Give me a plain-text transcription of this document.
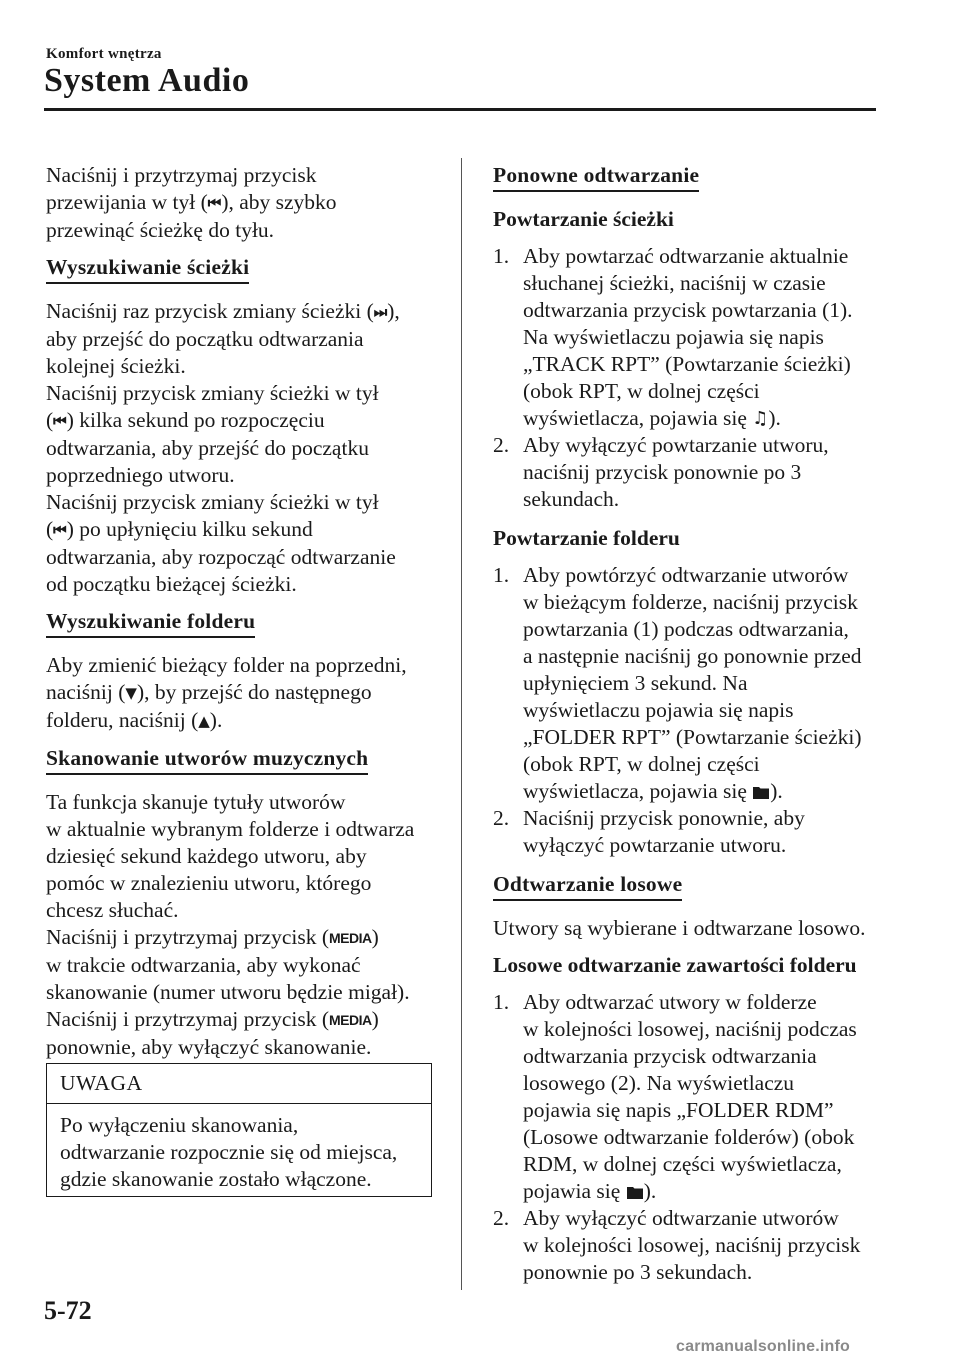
Komfort wnętrza
System Audio

Naciśnij i przytrzymaj przycisk
przewijania w tył (⏮ ), aby szybko
przewinąć ścieżkę do tyłu.

Wyszukiwanie ścieżki

Naciśnij raz przycisk zmiany ścieżki (⏭ ),
aby przejść do początku odtwarzania
kolejnej ścieżki.

Naciśnij przycisk zmiany ścieżki w tył
(⏮ ) kilka sekund po rozpoczęciu
odtwarzania, aby przejść do początku
poprzedniego utworu.

Naciśnij przycisk zmiany ścieżki w tył
(⏮ ) po upłynięciu kilku sekund
odtwarzania, aby rozpocząć odtwarzanie
od początku bieżącej ścieżki.

Wyszukiwanie folderu

Aby zmienić bieżący folder na poprzedni,
naciśnij (▼ ), by przejść do następnego
folderu, naciśnij (▲ ).

Skanowanie utworów muzycznych

Ta funkcja skanuje tytuły utworów
w aktualnie wybranym folderze i odtwarza
dziesięć sekund każdego utworu, aby
pomóc w znalezieniu utworu, którego
chcesz słuchać.

Naciśnij i przytrzymaj przycisk (MEDIA)
w trakcie odtwarzania, aby wykonać
skanowanie (numer utworu będzie migał).

Naciśnij i przytrzymaj przycisk (MEDIA)
ponownie, aby wyłączyć skanowanie.

UWAGA
Po wyłączeniu skanowania,
odtwarzanie rozpocznie się od miejsca,
gdzie skanowanie zostało włączone.
Ponowne odtwarzanie
Powtarzanie ścieżki
1. Aby powtarzać odtwarzanie aktualnie
słuchanej ścieżki, naciśnij w czasie
odtwarzania przycisk powtarzania (1).
Na wyświetlaczu pojawia się napis
„TRACK RPT” (Powtarzanie ścieżki)
(obok RPT, w dolnej części
wyświetlacza, pojawia się ♫).
2. Aby wyłączyć powtarzanie utworu,
naciśnij przycisk ponownie po 3
sekundach.
Powtarzanie folderu
1. Aby powtórzyć odtwarzanie utworów
w bieżącym folderze, naciśnij przycisk
powtarzania (1) podczas odtwarzania,
a następnie naciśnij go ponownie przed
upłynięciem 3 sekund. Na
wyświetlaczu pojawia się napis
„FOLDER RPT” (Powtarzanie ścieżki)
(obok RPT, w dolnej części
wyświetlacza, pojawia się ).
2. Naciśnij przycisk ponownie, aby
wyłączyć powtarzanie utworu.
Odtwarzanie losowe

Utwory są wybierane i odtwarzane losowo.

Losowe odtwarzanie zawartości folderu
1. Aby odtwarzać utwory w folderze
w kolejności losowej, naciśnij podczas
odtwarzania przycisk odtwarzania
losowego (2). Na wyświetlaczu
pojawia się napis „FOLDER RDM”
(Losowe odtwarzanie folderów) (obok
RDM, w dolnej części wyświetlacza,
pojawia się ).
2. Aby wyłączyć odtwarzanie utworów
w kolejności losowej, naciśnij przycisk
ponownie po 3 sekundach.
5-72
carmanualsonline.info
